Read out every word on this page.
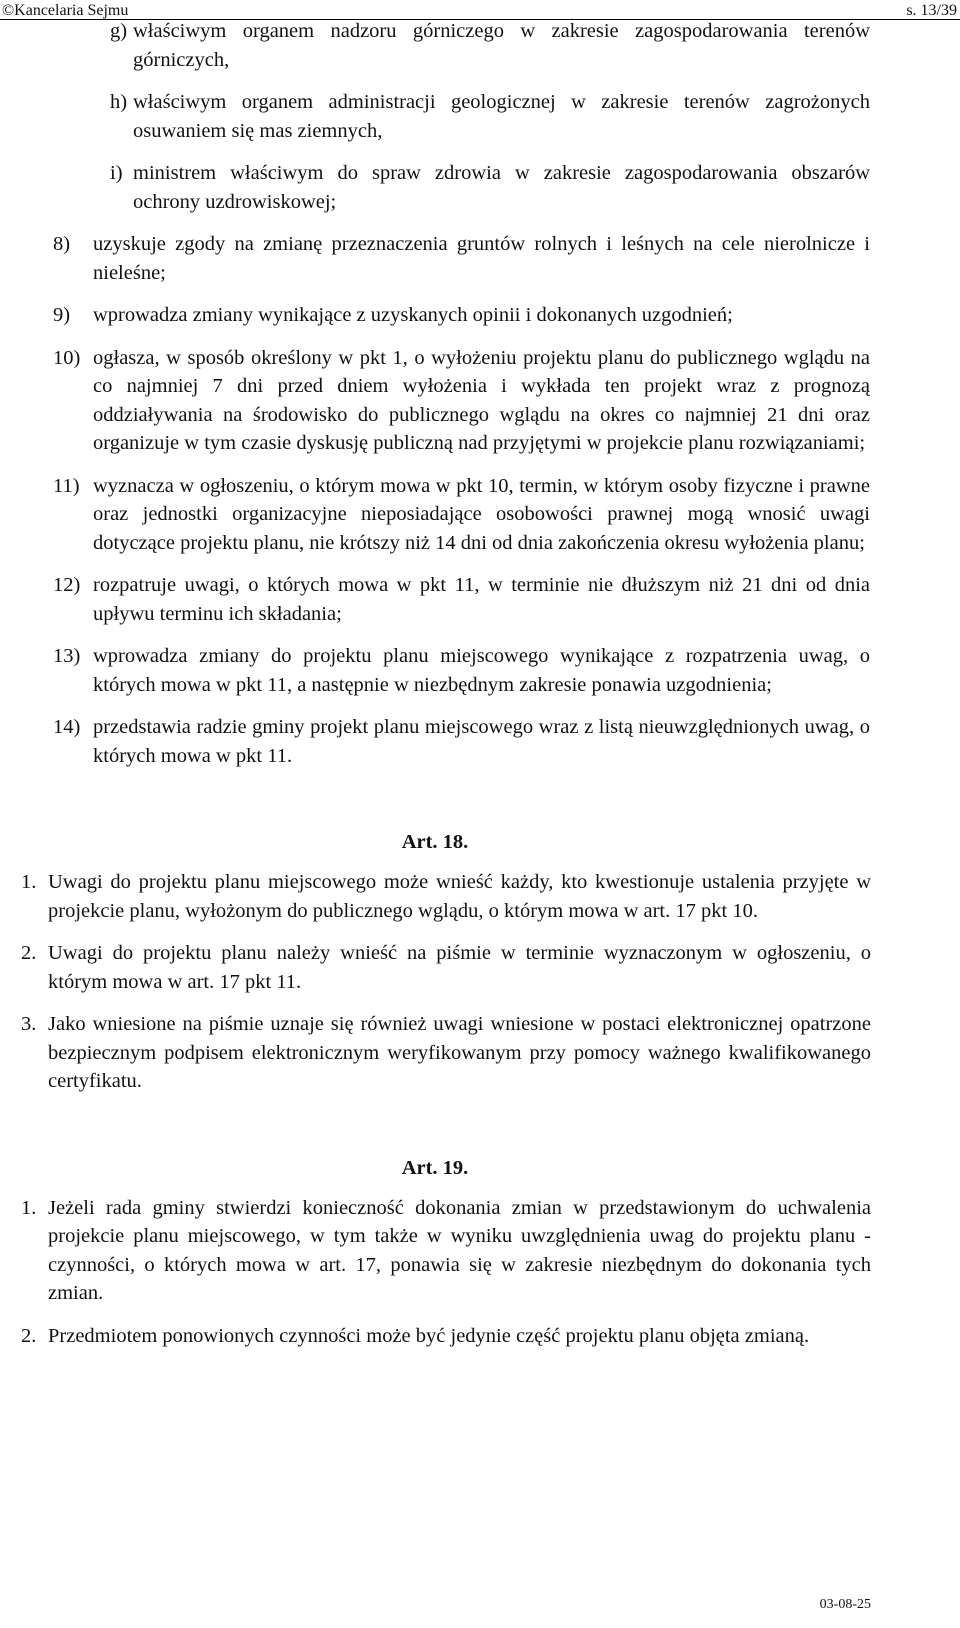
©Kancelaria Sejmu	s. 13/39
g) właściwym organem nadzoru górniczego w zakresie zagospodarowania terenów górniczych,
h) właściwym organem administracji geologicznej w zakresie terenów zagrożonych osuwaniem się mas ziemnych,
i) ministrem właściwym do spraw zdrowia w zakresie zagospodarowania obszarów ochrony uzdrowiskowej;
8) uzyskuje zgody na zmianę przeznaczenia gruntów rolnych i leśnych na cele nierolnicze i nieleśne;
9) wprowadza zmiany wynikające z uzyskanych opinii i dokonanych uzgodnień;
10) ogłasza, w sposób określony w pkt 1, o wyłożeniu projektu planu do publicznego wglądu na co najmniej 7 dni przed dniem wyłożenia i wykłada ten projekt wraz z prognozą oddziaływania na środowisko do publicznego wglądu na okres co najmniej 21 dni oraz organizuje w tym czasie dyskusję publiczną nad przyjętymi w projekcie planu rozwiązaniami;
11) wyznacza w ogłoszeniu, o którym mowa w pkt 10, termin, w którym osoby fizyczne i prawne oraz jednostki organizacyjne nieposiadające osobowości prawnej mogą wnosić uwagi dotyczące projektu planu, nie krótszy niż 14 dni od dnia zakończenia okresu wyłożenia planu;
12) rozpatruje uwagi, o których mowa w pkt 11, w terminie nie dłuższym niż 21 dni od dnia upływu terminu ich składania;
13) wprowadza zmiany do projektu planu miejscowego wynikające z rozpatrzenia uwag, o których mowa w pkt 11, a następnie w niezbędnym zakresie ponawia uzgodnienia;
14) przedstawia radzie gminy projekt planu miejscowego wraz z listą nieuwzględnionych uwag, o których mowa w pkt 11.
Art. 18.
1. Uwagi do projektu planu miejscowego może wnieść każdy, kto kwestionuje ustalenia przyjęte w projekcie planu, wyłożonym do publicznego wglądu, o którym mowa w art. 17 pkt 10.
2. Uwagi do projektu planu należy wnieść na piśmie w terminie wyznaczonym w ogłoszeniu, o którym mowa w art. 17 pkt 11.
3. Jako wniesione na piśmie uznaje się również uwagi wniesione w postaci elektronicznej opatrzone bezpiecznym podpisem elektronicznym weryfikowanym przy pomocy ważnego kwalifikowanego certyfikatu.
Art. 19.
1. Jeżeli rada gminy stwierdzi konieczność dokonania zmian w przedstawionym do uchwalenia projekcie planu miejscowego, w tym także w wyniku uwzględnienia uwag do projektu planu - czynności, o których mowa w art. 17, ponawia się w zakresie niezbędnym do dokonania tych zmian.
2. Przedmiotem ponowionych czynności może być jedynie część projektu planu objęta zmianą.
03-08-25
